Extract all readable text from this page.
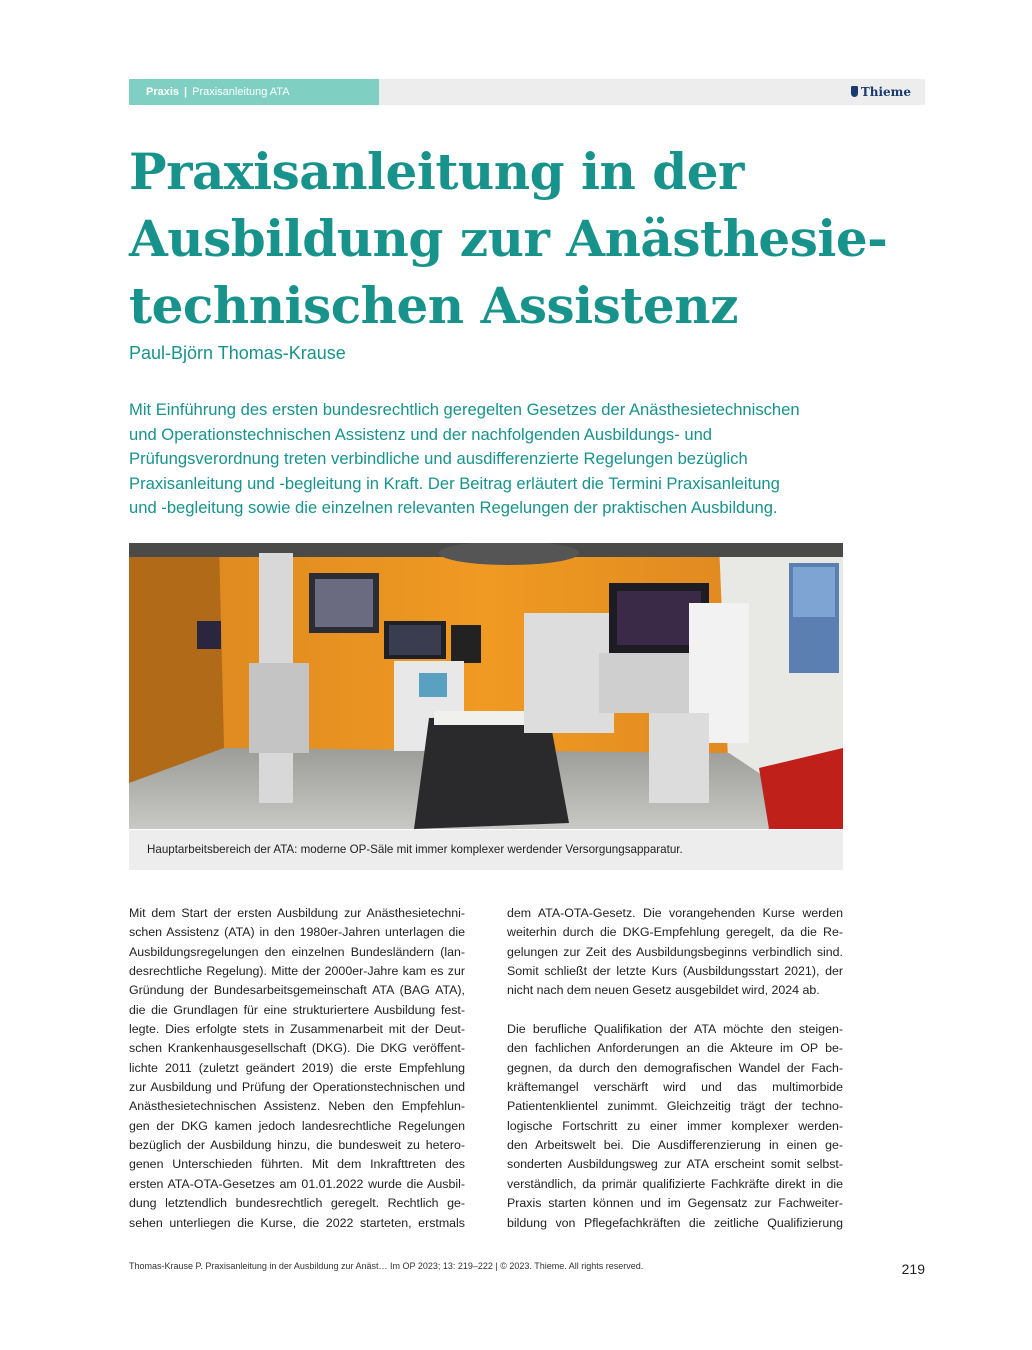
Praxis | Praxisanleitung ATA	Thieme
Praxisanleitung in der
Ausbildung zur Anästhesie-
technischen Assistenz
Paul-Björn Thomas-Krause
Mit Einführung des ersten bundesrechtlich geregelten Gesetzes der Anästhesietechnischen
und Operationstechnischen Assistenz und der nachfolgenden Ausbildungs- und
Prüfungsverordnung treten verbindliche und ausdifferenzierte Regelungen bezüglich
Praxisanleitung und -begleitung in Kraft. Der Beitrag erläutert die Termini Praxisanleitung
und -begleitung sowie die einzelnen relevanten Regelungen der praktischen Ausbildung.
Hauptarbeitsbereich der ATA: moderne OP-Säle mit immer komplexer werdender Versorgungsapparatur.
Mit dem Start der ersten Ausbildung zur Anästhesietechni-
schen Assistenz (ATA) in den 1980er-Jahren unterlagen die
Ausbildungsregelungen den einzelnen Bundesländern (lan-
desrechtliche Regelung). Mitte der 2000er-Jahre kam es zur
Gründung der Bundesarbeitsgemeinschaft ATA (BAG ATA),
die die Grundlagen für eine strukturiertere Ausbildung fest-
legte. Dies erfolgte stets in Zusammenarbeit mit der Deut-
schen Krankenhausgesellschaft (DKG). Die DKG veröffent-
lichte 2011 (zuletzt geändert 2019) die erste Empfehlung
zur Ausbildung und Prüfung der Operationstechnischen und
Anästhesietechnischen Assistenz. Neben den Empfehlun-
gen der DKG kamen jedoch landesrechtliche Regelungen
bezüglich der Ausbildung hinzu, die bundesweit zu hetero-
genen Unterschieden führten. Mit dem Inkrafttreten des
ersten ATA-OTA-Gesetzes am 01.01.2022 wurde die Ausbil-
dung letztendlich bundesrechtlich geregelt. Rechtlich ge-
sehen unterliegen die Kurse, die 2022 starteten, erstmals
dem ATA-OTA-Gesetz. Die vorangehenden Kurse werden
weiterhin durch die DKG-Empfehlung geregelt, da die Re-
gelungen zur Zeit des Ausbildungsbeginns verbindlich sind.
Somit schließt der letzte Kurs (Ausbildungsstart 2021), der
nicht nach dem neuen Gesetz ausgebildet wird, 2024 ab.
Die berufliche Qualifikation der ATA möchte den steigen-
den fachlichen Anforderungen an die Akteure im OP be-
gegnen, da durch den demografischen Wandel der Fach-
kräftemangel verschärft wird und das multimorbide
Patientenklientel zunimmt. Gleichzeitig trägt der techno-
logische Fortschritt zu einer immer komplexer werden-
den Arbeitswelt bei. Die Ausdifferenzierung in einen ge-
sonderten Ausbildungsweg zur ATA erscheint somit selbst-
verständlich, da primär qualifizierte Fachkräfte direkt in die
Praxis starten können und im Gegensatz zur Fachweiter-
bildung von Pflegefachkräften die zeitliche Qualifizierung
Thomas-Krause P. Praxisanleitung in der Ausbildung zur Anäst… Im OP 2023; 13: 219–222 | © 2023. Thieme. All rights reserved.	219
